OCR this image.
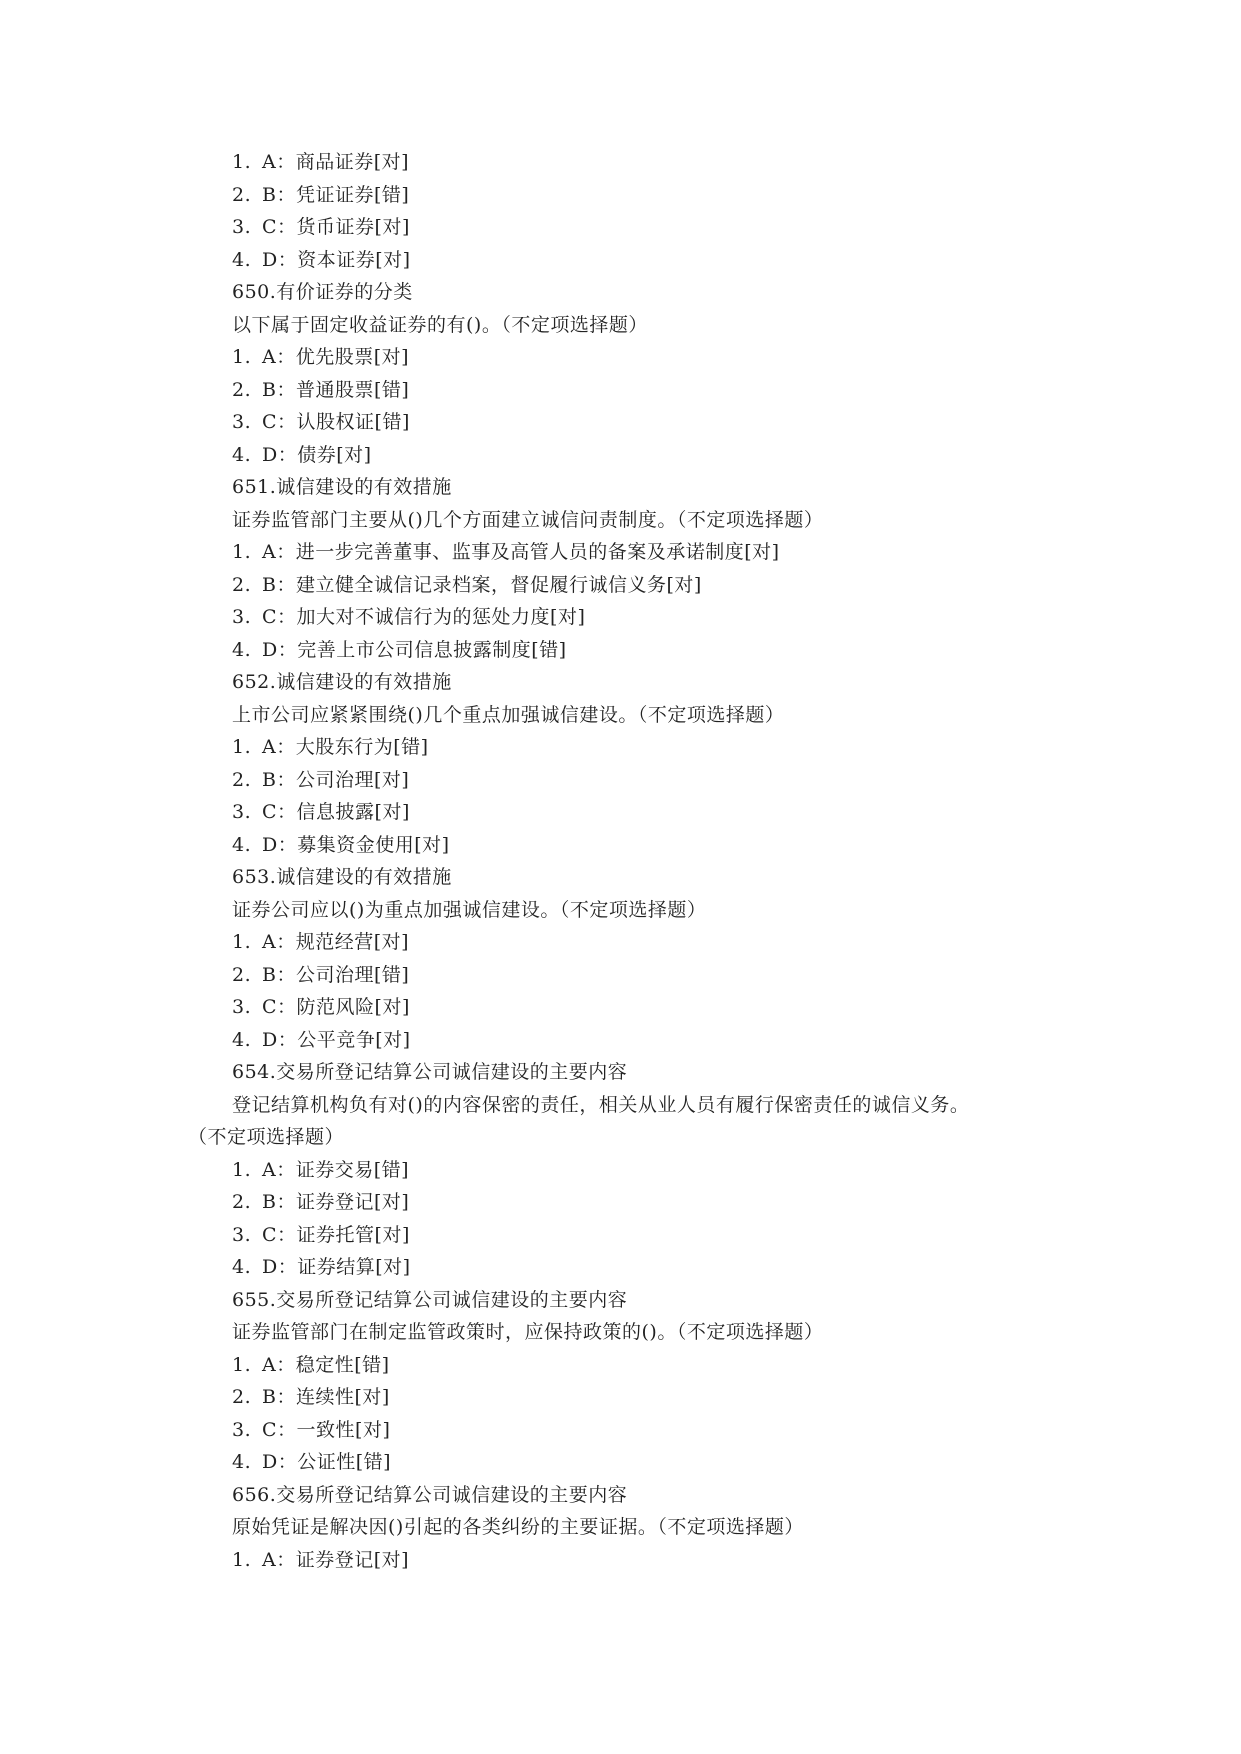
1. A：商品证券[对]
2. B：凭证证券[错]
3. C：货币证券[对]
4. D：资本证券[对]
650.有价证券的分类
以下属于固定收益证券的有()。（不定项选择题）
1. A：优先股票[对]
2. B：普通股票[错]
3. C：认股权证[错]
4. D：债券[对]
651.诚信建设的有效措施
证券监管部门主要从()几个方面建立诚信问责制度。（不定项选择题）
1. A：进一步完善董事、监事及高管人员的备案及承诺制度[对]
2. B：建立健全诚信记录档案，督促履行诚信义务[对]
3. C：加大对不诚信行为的惩处力度[对]
4. D：完善上市公司信息披露制度[错]
652.诚信建设的有效措施
上市公司应紧紧围绕()几个重点加强诚信建设。（不定项选择题）
1. A：大股东行为[错]
2. B：公司治理[对]
3. C：信息披露[对]
4. D：募集资金使用[对]
653.诚信建设的有效措施
证券公司应以()为重点加强诚信建设。（不定项选择题）
1. A：规范经营[对]
2. B：公司治理[错]
3. C：防范风险[对]
4. D：公平竞争[对]
654.交易所登记结算公司诚信建设的主要内容
登记结算机构负有对()的内容保密的责任，相关从业人员有履行保密责任的诚信义务。
（不定项选择题）
1. A：证券交易[错]
2. B：证券登记[对]
3. C：证券托管[对]
4. D：证券结算[对]
655.交易所登记结算公司诚信建设的主要内容
证券监管部门在制定监管政策时，应保持政策的()。（不定项选择题）
1. A：稳定性[错]
2. B：连续性[对]
3. C：一致性[对]
4. D：公证性[错]
656.交易所登记结算公司诚信建设的主要内容
原始凭证是解决因()引起的各类纠纷的主要证据。（不定项选择题）
1. A：证券登记[对]
